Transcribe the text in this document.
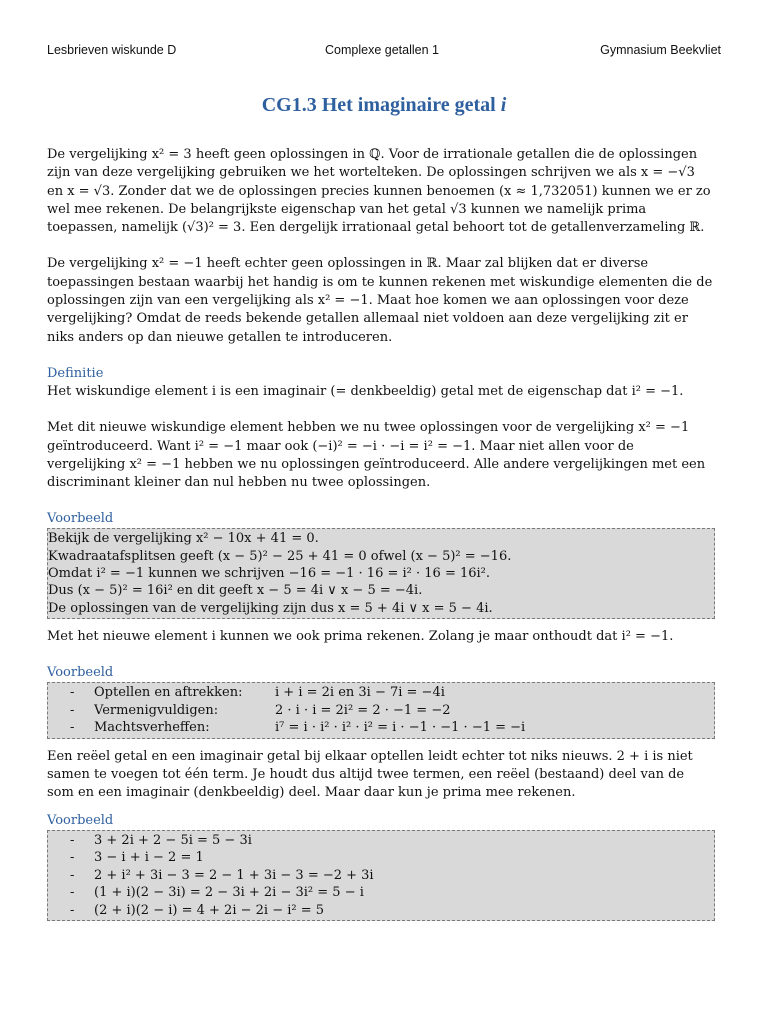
Lesbrieven wiskunde D	Complexe getallen 1	Gymnasium Beekvliet
CG1.3 Het imaginaire getal i

De vergelijking x² = 3 heeft geen oplossingen in ℚ. Voor de irrationale getallen die de oplossingen zijn van deze vergelijking gebruiken we het wortelteken. De oplossingen schrijven we als x = −√3 en x = √3. Zonder dat we de oplossingen precies kunnen benoemen (x ≈ 1,732051) kunnen we er zo wel mee rekenen. De belangrijkste eigenschap van het getal √3 kunnen we namelijk prima toepassen, namelijk (√3)² = 3. Een dergelijk irrationaal getal behoort tot de getallenverzameling ℝ.

De vergelijking x² = −1 heeft echter geen oplossingen in ℝ. Maar zal blijken dat er diverse toepassingen bestaan waarbij het handig is om te kunnen rekenen met wiskundige elementen die de oplossingen zijn van een vergelijking als x² = −1. Maat hoe komen we aan oplossingen voor deze vergelijking? Omdat de reeds bekende getallen allemaal niet voldoen aan deze vergelijking zit er niks anders op dan nieuwe getallen te introduceren.

Definitie

Het wiskundige element i is een imaginair (= denkbeeldig) getal met de eigenschap dat i² = −1.

Met dit nieuwe wiskundige element hebben we nu twee oplossingen voor de vergelijking x² = −1 geïntroduceerd. Want i² = −1 maar ook (−i)² = −i · −i = i² = −1. Maar niet allen voor de vergelijking x² = −1 hebben we nu oplossingen geïntroduceerd. Alle andere vergelijkingen met een discriminant kleiner dan nul hebben nu twee oplossingen.

Voorbeeld
Bekijk de vergelijking x² − 10x + 41 = 0.
Kwadraatafsplitsen geeft (x − 5)² − 25 + 41 = 0 ofwel (x − 5)² = −16.
Omdat i² = −1 kunnen we schrijven −16 = −1 · 16 = i² · 16 = 16i².
Dus (x − 5)² = 16i² en dit geeft x − 5 = 4i ∨ x − 5 = −4i.
De oplossingen van de vergelijking zijn dus x = 5 + 4i ∨ x = 5 − 4i.

Met het nieuwe element i kunnen we ook prima rekenen. Zolang je maar onthoudt dat i² = −1.

Voorbeeld
-	Optellen en aftrekken:	i + i = 2i en 3i − 7i = −4i
-	Vermenigvuldigen:	2 · i · i = 2i² = 2 · −1 = −2
-	Machtsverheffen:	i⁷ = i · i² · i² · i² = i · −1 · −1 · −1 = −i

Een reëel getal en een imaginair getal bij elkaar optellen leidt echter tot niks nieuws. 2 + i is niet samen te voegen tot één term. Je houdt dus altijd twee termen, een reëel (bestaand) deel van de som en een imaginair (denkbeeldig) deel. Maar daar kun je prima mee rekenen.

Voorbeeld
-	3 + 2i + 2 − 5i = 5 − 3i
-	3 − i + i − 2 = 1
-	2 + i² + 3i − 3 = 2 − 1 + 3i − 3 = −2 + 3i
-	(1 + i)(2 − 3i) = 2 − 3i + 2i − 3i² = 5 − i
-	(2 + i)(2 − i) = 4 + 2i − 2i − i² = 5
